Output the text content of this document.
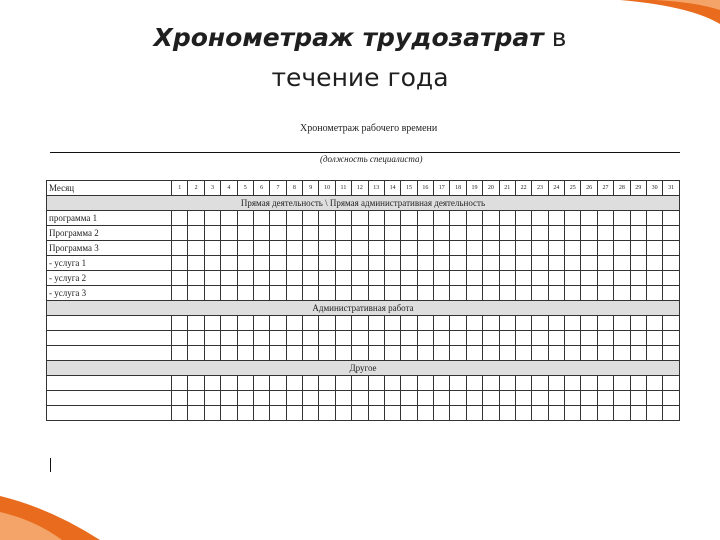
Хронометраж трудозатрат в
течение года
Хронометраж рабочего времени
(должность специалиста)
Месяц	1	2	3	4	5	6	7	8	9	10	11	12	13	14	15	16	17	18	19	20	21	22	23	24	25	26	27	28	29	30	31
Прямая деятельность \ Прямая административная деятельность																															
программа 1																															
Программа 2																															
Программа 3																															
- услуга 1																															
- услуга 2																															
- услуга 3																															
Административная работа																															

Другое																															
